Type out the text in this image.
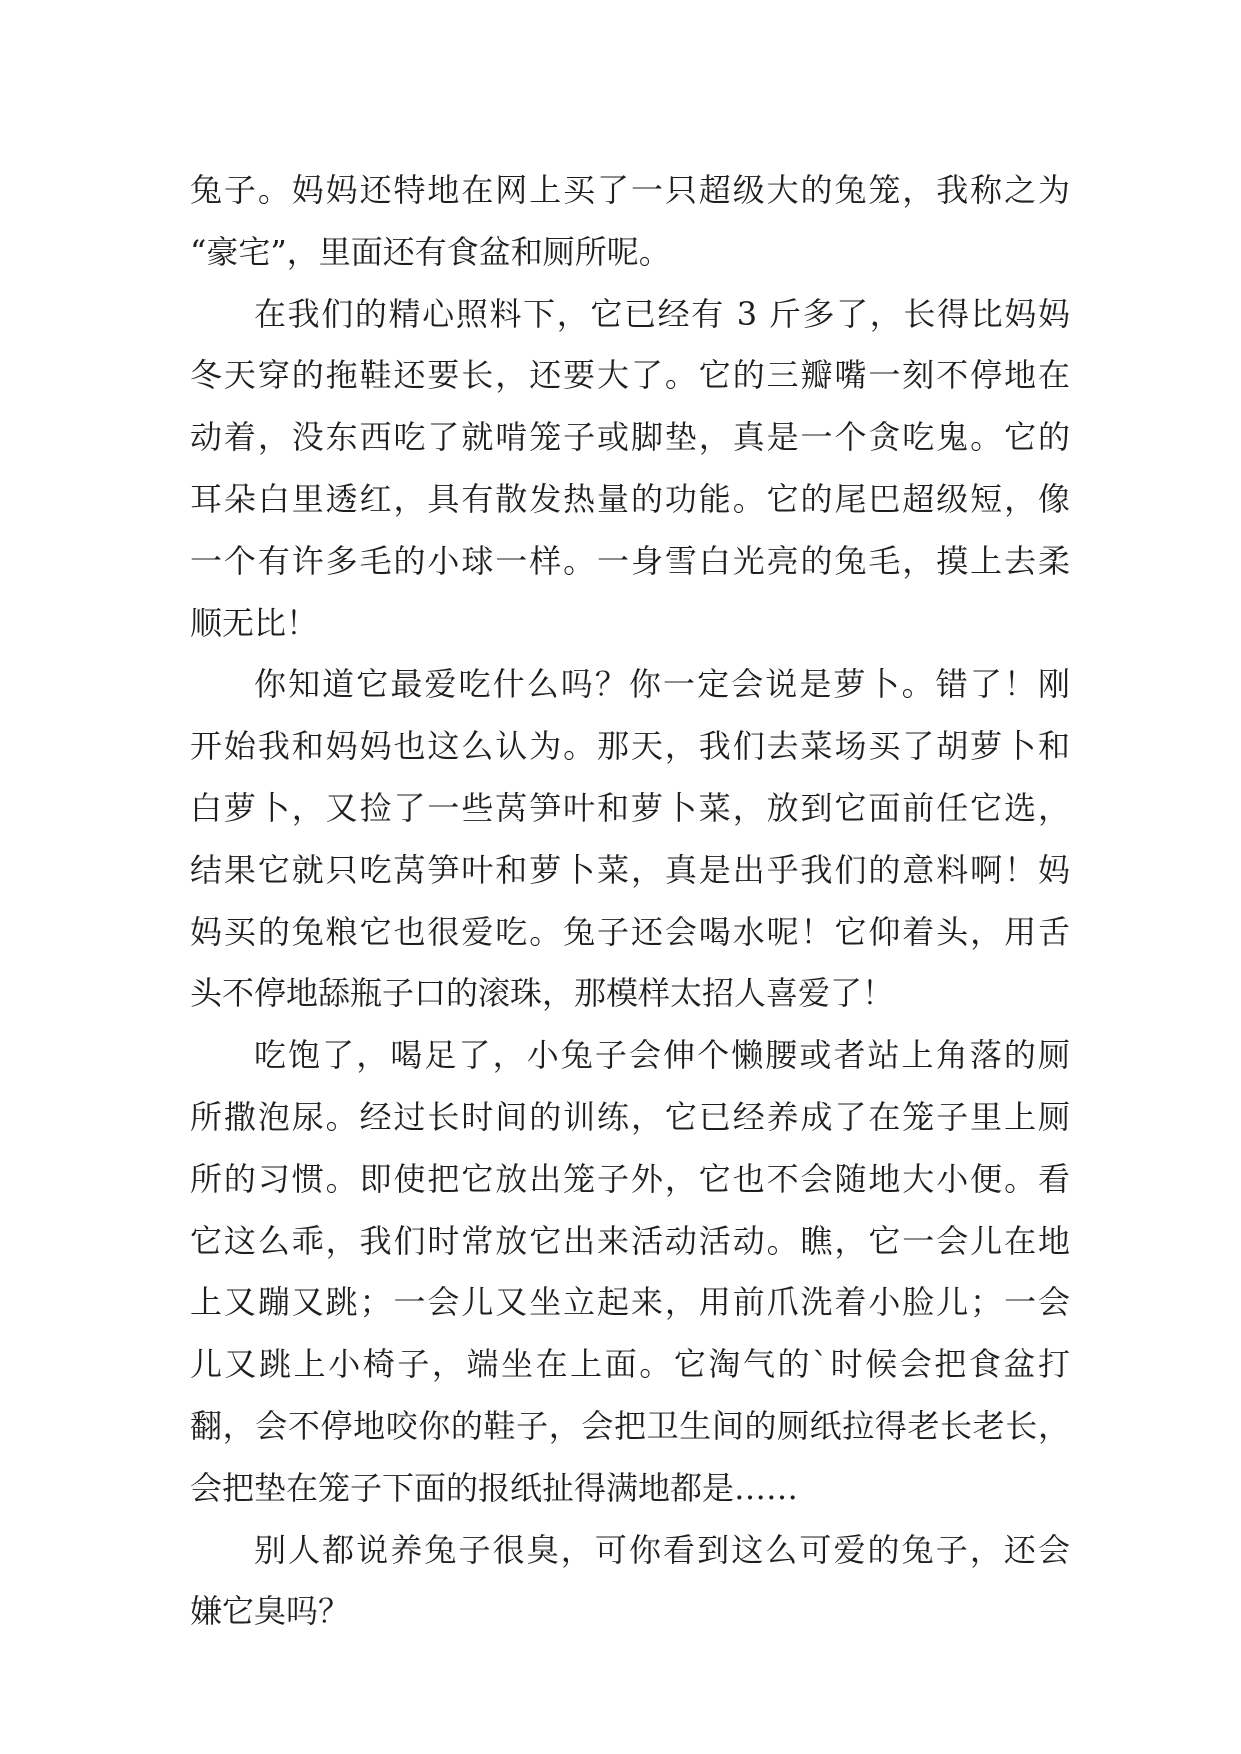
兔子。妈妈还特地在网上买了一只超级大的兔笼，我称之为
“豪宅”，里面还有食盆和厕所呢。
在我们的精心照料下，它已经有 3 斤多了，长得比妈妈
冬天穿的拖鞋还要长，还要大了。它的三瓣嘴一刻不停地在
动着，没东西吃了就啃笼子或脚垫，真是一个贪吃鬼。它的
耳朵白里透红，具有散发热量的功能。它的尾巴超级短，像
一个有许多毛的小球一样。一身雪白光亮的兔毛，摸上去柔
顺无比！
你知道它最爱吃什么吗？你一定会说是萝卜。错了！刚
开始我和妈妈也这么认为。那天，我们去菜场买了胡萝卜和
白萝卜，又捡了一些莴笋叶和萝卜菜，放到它面前任它选，
结果它就只吃莴笋叶和萝卜菜，真是出乎我们的意料啊！妈
妈买的兔粮它也很爱吃。兔子还会喝水呢！它仰着头，用舌
头不停地舔瓶子口的滚珠，那模样太招人喜爱了！
吃饱了，喝足了，小兔子会伸个懒腰或者站上角落的厕
所撒泡尿。经过长时间的训练，它已经养成了在笼子里上厕
所的习惯。即使把它放出笼子外，它也不会随地大小便。看
它这么乖，我们时常放它出来活动活动。瞧，它一会儿在地
上又蹦又跳；一会儿又坐立起来，用前爪洗着小脸儿；一会
儿又跳上小椅子，端坐在上面。它淘气的`时候会把食盆打
翻，会不停地咬你的鞋子，会把卫生间的厕纸拉得老长老长，
会把垫在笼子下面的报纸扯得满地都是……
别人都说养兔子很臭，可你看到这么可爱的兔子，还会
嫌它臭吗？
